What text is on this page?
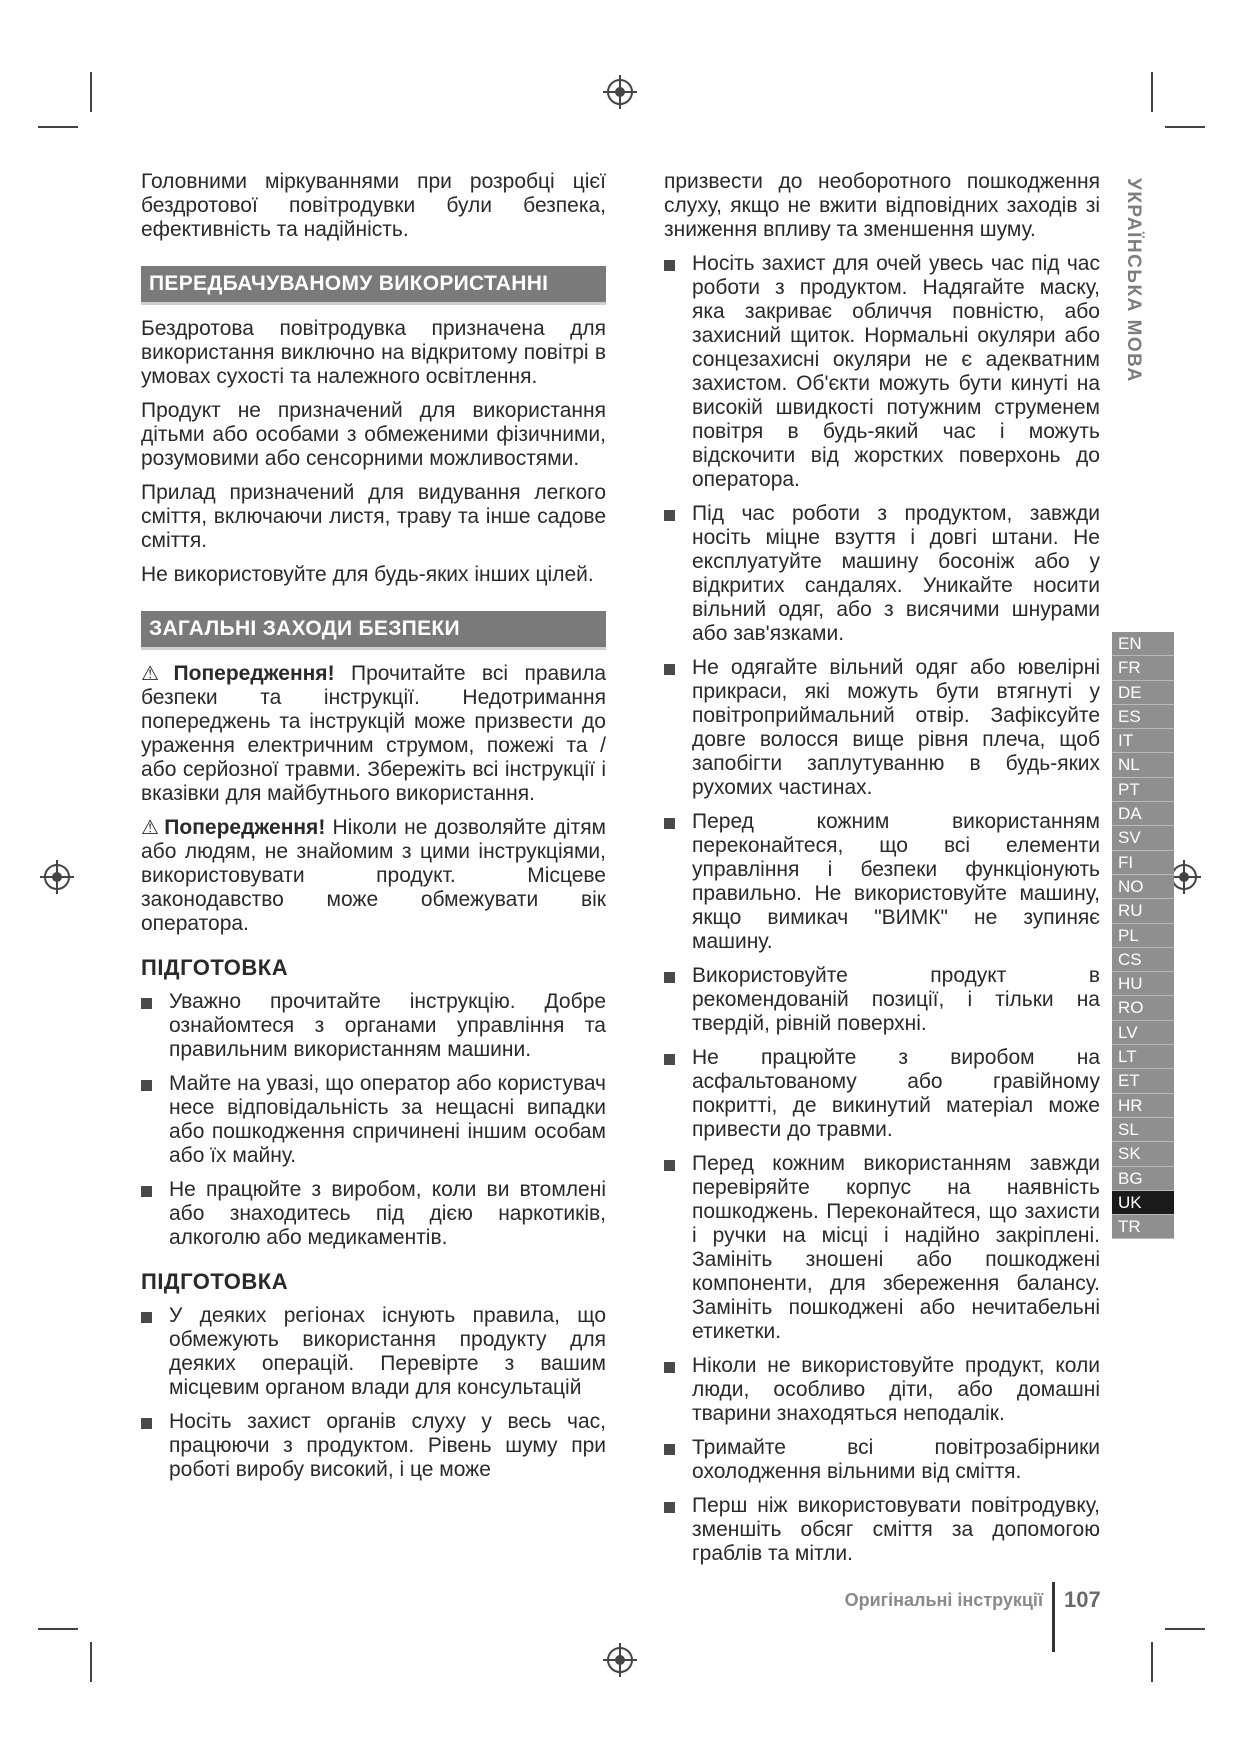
Головними міркуваннями при розробці цієї бездротової повітродувки були безпека, ефективність та надійність.

ПЕРЕДБАЧУВАНОМУ ВИКОРИСТАННІ

Бездротова повітродувка призначена для використання виключно на відкритому повітрі в умовах сухості та належного освітлення.

Продукт не призначений для використання дітьми або особами з обмеженими фізичними, розумовими або сенсорними можливостями.

Прилад призначений для видування легкого сміття, включаючи листя, траву та інше садове сміття.

Не використовуйте для будь-яких інших цілей.

ЗАГАЛЬНІ ЗАХОДИ БЕЗПЕКИ

⚠ Попередження! Прочитайте всі правила безпеки та інструкції. Недотримання попереджень та інструкцій може призвести до ураження електричним струмом, пожежі та / або серйозної травми. Збережіть всі інструкції і вказівки для майбутнього використання.

⚠ Попередження! Ніколи не дозволяйте дітям або людям, не знайомим з цими інструкціями, використовувати продукт. Місцеве законодавство може обмежувати вік оператора.

ПІДГОТОВКА
Уважно прочитайте інструкцію. Добре ознайомтеся з органами управління та правильним використанням машини.
Майте на увазі, що оператор або користувач несе відповідальність за нещасні випадки або пошкодження спричинені іншим особам або їх майну.
Не працюйте з виробом, коли ви втомлені або знаходитесь під дією наркотиків, алкоголю або медикаментів.
ПІДГОТОВКА
У деяких регіонах існують правила, що обмежують використання продукту для деяких операцій. Перевірте з вашим місцевим органом влади для консультацій
Носіть захист органів слуху у весь час, працюючи з продуктом. Рівень шуму при роботі виробу високий, і це може

призвести до необоротного пошкодження слуху, якщо не вжити відповідних заходів зі зниження впливу та зменшення шуму.

Носіть захист для очей увесь час під час роботи з продуктом. Надягайте маску, яка закриває обличчя повністю, або захисний щиток. Нормальні окуляри або сонцезахисні окуляри не є адекватним захистом. Об'єкти можуть бути кинуті на високій швидкості потужним струменем повітря в будь-який час і можуть відскочити від жорстких поверхонь до оператора.
Під час роботи з продуктом, завжди носіть міцне взуття і довгі штани. Не експлуатуйте машину босоніж або у відкритих сандалях. Уникайте носити вільний одяг, або з висячими шнурами або зав'язками.
Не одягайте вільний одяг або ювелірні прикраси, які можуть бути втягнуті у повітроприймальний отвір. Зафіксуйте довге волосся вище рівня плеча, щоб запобігти заплутуванню в будь-яких рухомих частинах.
Перед кожним використанням переконайтеся, що всі елементи управління і безпеки функціонують правильно. Не використовуйте машину, якщо вимикач "ВИМК" не зупиняє машину.
Використовуйте продукт в рекомендованій позиції, і тільки на твердій, рівній поверхні.
Не працюйте з виробом на асфальтованому або гравійному покритті, де викинутий матеріал може привести до травми.
Перед кожним використанням завжди перевіряйте корпус на наявність пошкоджень. Переконайтеся, що захисти і ручки на місці і надійно закріплені. Замініть зношені або пошкоджені компоненти, для збереження балансу. Замініть пошкоджені або нечитабельні етикетки.
Ніколи не використовуйте продукт, коли люди, особливо діти, або домашні тварини знаходяться неподалік.
Тримайте всі повітрозабірники охолодження вільними від сміття.
Перш ніж використовувати повітродувку, зменшіть обсяг сміття за допомогою граблів та мітли.
УКРАЇНСЬКА МОВА
EN
FR
DE
ES
IT
NL
PT
DA
SV
FI
NO
RU
PL
CS
HU
RO
LV
LT
ET
HR
SL
SK
BG
UK
TR
Оригінальні інструкції 107
